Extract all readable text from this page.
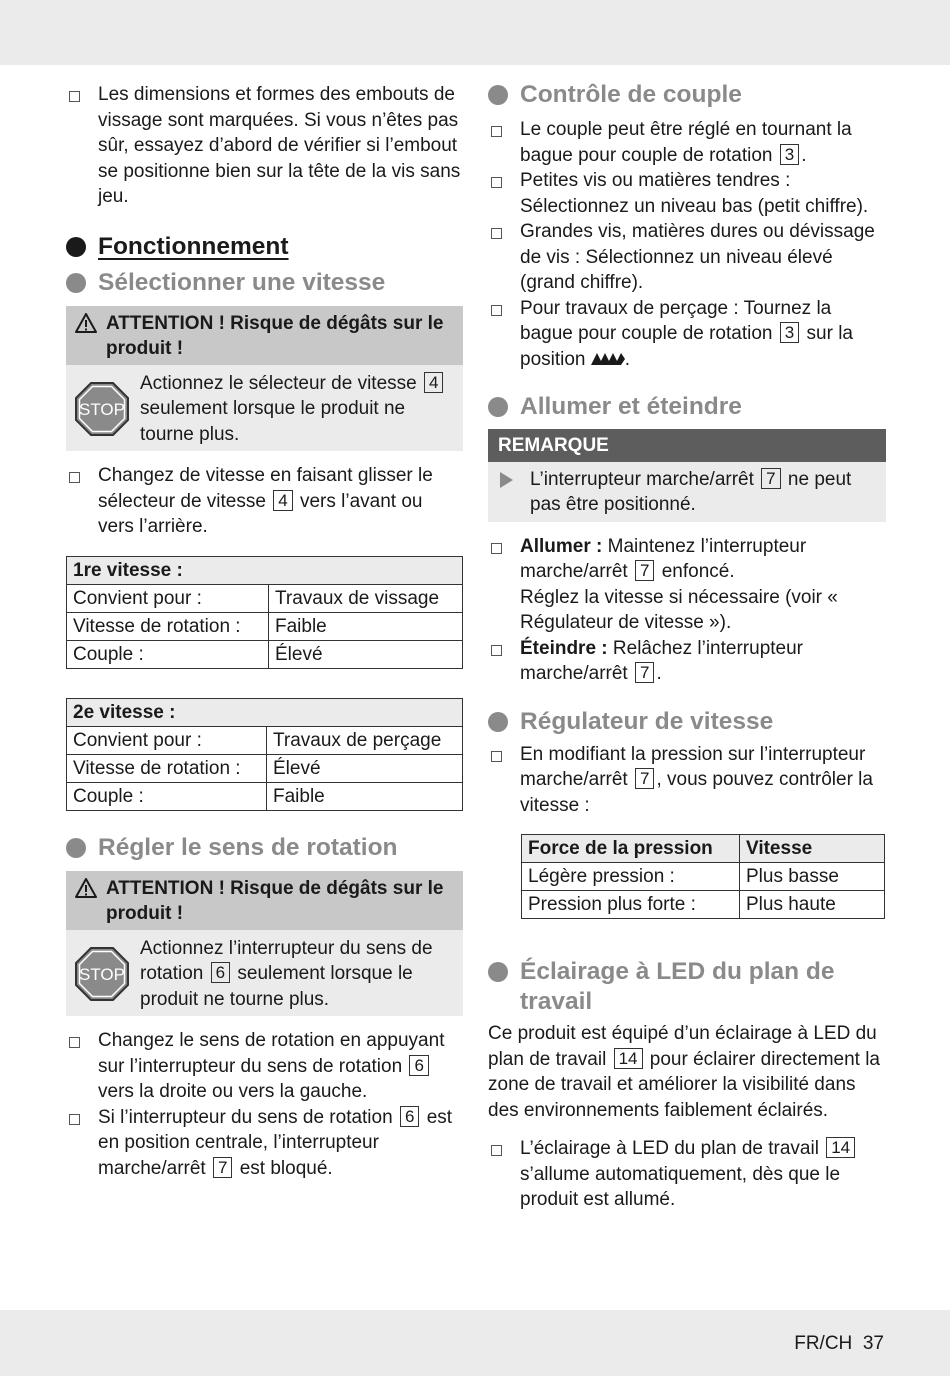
Les dimensions et formes des embouts de vissage sont marquées. Si vous n’êtes pas sûr, essayez d’abord de vérifier si l’embout se positionne bien sur la tête de la vis sans jeu.
Fonctionnement
Sélectionner une vitesse
ATTENTION ! Risque de dégâts sur le produit !
STOP
Actionnez le sélecteur de vitesse 4 seulement lorsque le produit ne tourne plus.
Changez de vitesse en faisant glisser le sélecteur de vitesse 4 vers l’avant ou vers l’arrière.
1re vitesse :	
Convient pour :	Travaux de vissage
Vitesse de rotation :	Faible
Couple :	Élevé
2e vitesse :	
Convient pour :	Travaux de perçage
Vitesse de rotation :	Élevé
Couple :	Faible
Régler le sens de rotation
ATTENTION ! Risque de dégâts sur le produit !
STOP
Actionnez l’interrupteur du sens de rotation 6 seulement lorsque le produit ne tourne plus.
Changez le sens de rotation en appuyant sur l’interrupteur du sens de rotation 6 vers la droite ou vers la gauche.
Si l’interrupteur du sens de rotation 6 est en position centrale, l’interrupteur marche/arrêt 7 est bloqué.
Contrôle de couple
Le couple peut être réglé en tournant la bague pour couple de rotation 3 .
Petites vis ou matières tendres : Sélectionnez un niveau bas (petit chiffre).
Grandes vis, matières dures ou dévissage de vis : Sélectionnez un niveau élevé (grand chiffre).
Pour travaux de perçage : Tournez la bague pour couple de rotation 3 sur la position .
Allumer et éteindre
REMARQUE
L’interrupteur marche/arrêt 7 ne peut pas être positionné.
Allumer : Maintenez l’interrupteur marche/arrêt 7 enfoncé.
Réglez la vitesse si nécessaire (voir « Régulateur de vitesse »).
Éteindre : Relâchez l’interrupteur marche/arrêt 7 .
Régulateur de vitesse
En modifiant la pression sur l’interrupteur marche/arrêt 7 , vous pouvez contrôler la vitesse :
Force de la pression	Vitesse
Légère pression :	Plus basse
Pression plus forte :	Plus haute
Éclairage à LED du plan de travail
Ce produit est équipé d’un éclairage à LED du plan de travail 14 pour éclairer directement la zone de travail et améliorer la visibilité dans des environnements faiblement éclairés.
L’éclairage à LED du plan de travail 14 s’allume automatiquement, dès que le produit est allumé.
FR/CH 37
